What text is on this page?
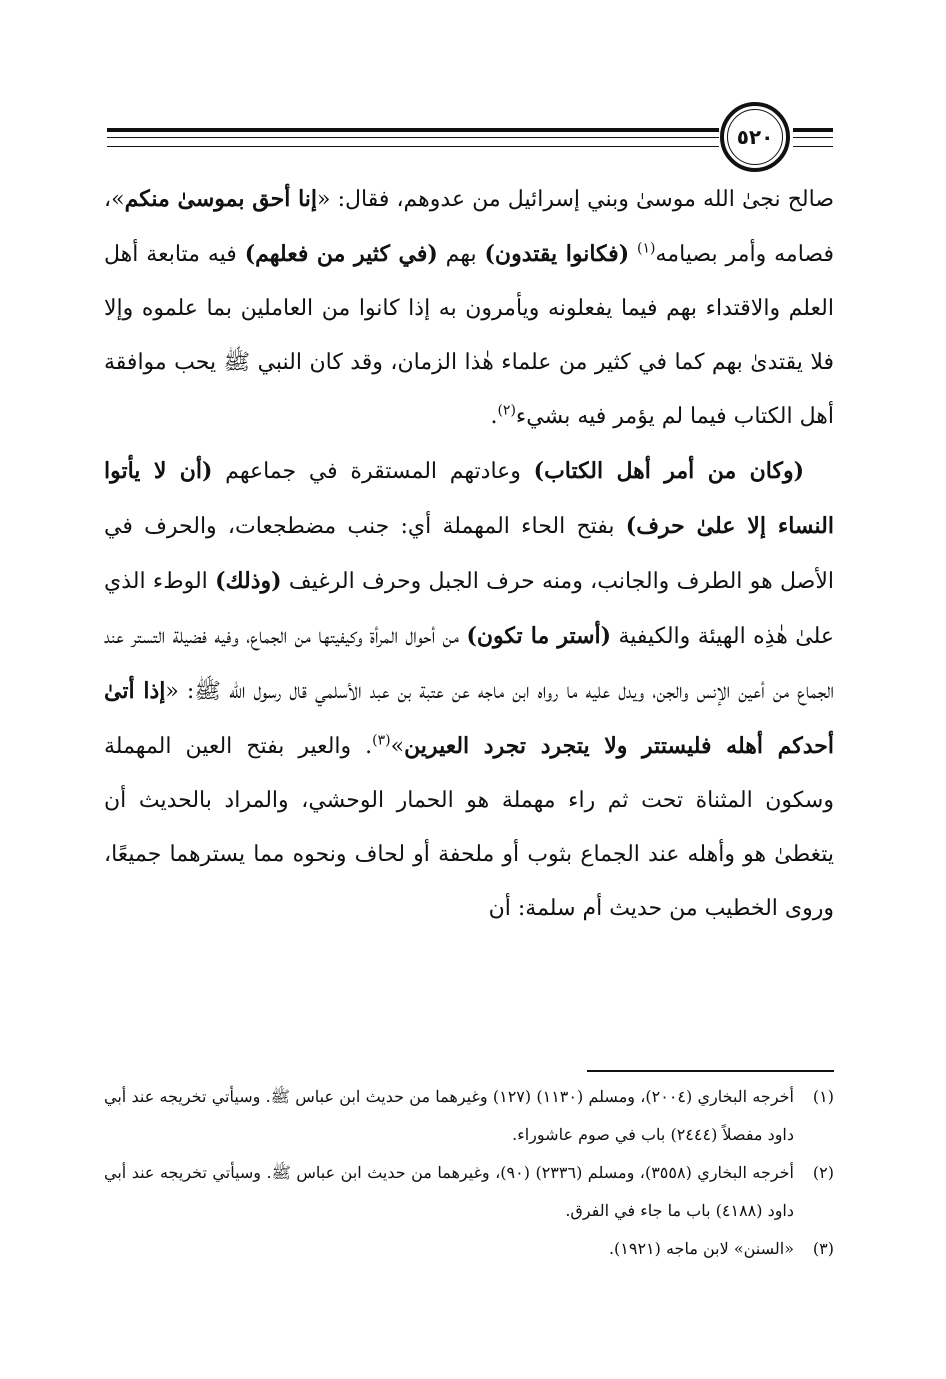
٥٢٠

صالح نجىٰ الله موسىٰ وبني إسرائيل من عدوهم، فقال: «إنا أحق بموسىٰ منكم»، فصامه وأمر بصيامه$^{(١)}$ (فكانوا يقتدون) بهم (في كثير من فعلهم) فيه متابعة أهل العلم والاقتداء بهم فيما يفعلونه ويأمرون به إذا كانوا من العاملين بما علموه وإلا فلا يقتدىٰ بهم كما في كثير من علماء هٰذا الزمان، وقد كان النبي ﷺ يحب موافقة أهل الكتاب فيما لم يؤمر فيه بشيء$^{(٢)}$.

(وكان من أمر أهل الكتاب) وعادتهم المستقرة في جماعهم (أن لا يأتوا النساء إلا علىٰ حرف) بفتح الحاء المهملة أي: جنب مضطجعات، والحرف في الأصل هو الطرف والجانب، ومنه حرف الجبل وحرف الرغيف (وذلك) الوطء الذي علىٰ هٰذِه الهيئة والكيفية (أستر ما تكون) من أحوال المرأة وكيفيتها من الجماع، وفيه فضيلة التستر عند الجماع من أعين الإنس والجن، ويدل عليه ما رواه ابن ماجه عن عتبة بن عبد الأسلمي قال رسول الله ﷺ: «إذا أتىٰ أحدكم أهله فليستتر ولا يتجرد تجرد العيرين»$^{(٣)}$. والعير بفتح العين المهملة وسكون المثناة تحت ثم راء مهملة هو الحمار الوحشي، والمراد بالحديث أن يتغطىٰ هو وأهله عند الجماع بثوب أو ملحفة أو لحاف ونحوه مما يسترهما جميعًا، وروى الخطيب من حديث أم سلمة: أن

(١)
أخرجه البخاري (٢٠٠٤)، ومسلم (١١٣٠) (١٢٧) وغيرهما من حديث ابن عباس ﷺ. وسيأتي تخريجه عند أبي داود مفصلاً (٢٤٤٤) باب في صوم عاشوراء.
(٢)
أخرجه البخاري (٣٥٥٨)، ومسلم (٢٣٣٦) (٩٠)، وغيرهما من حديث ابن عباس ﷺ. وسيأتي تخريجه عند أبي داود (٤١٨٨) باب ما جاء في الفرق.
(٣)
«السنن» لابن ماجه (١٩٢١).
